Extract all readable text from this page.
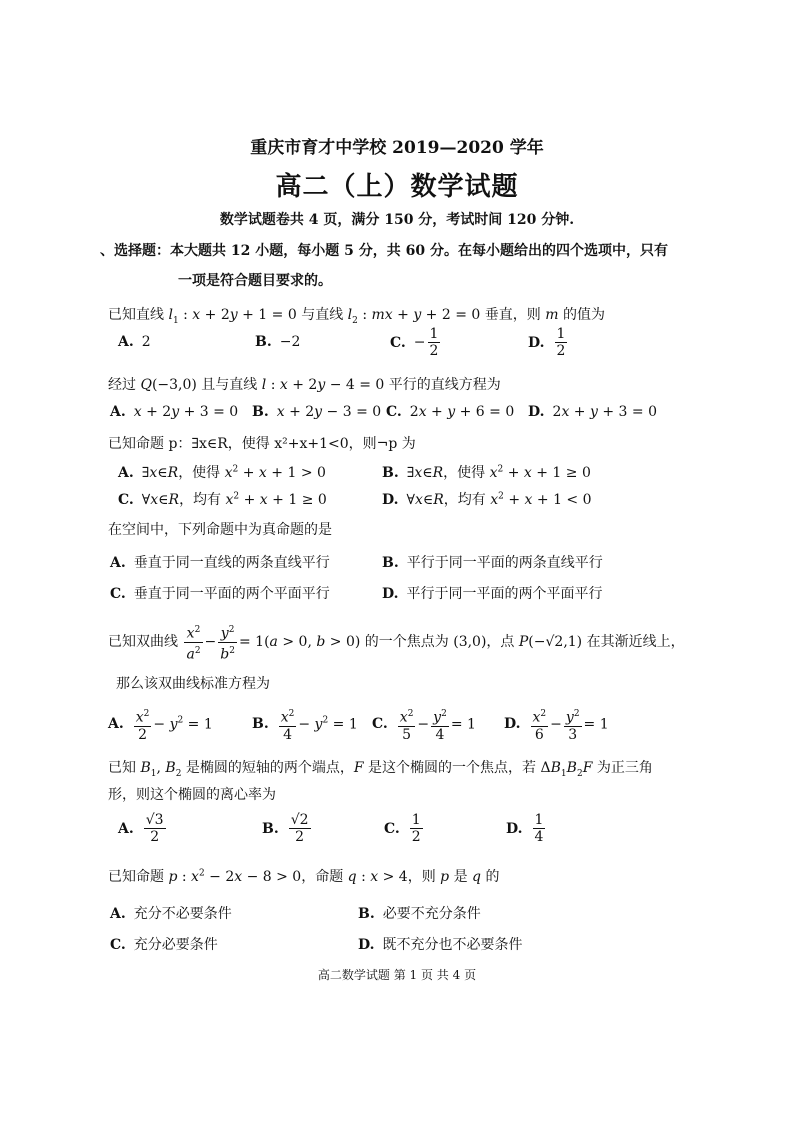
重庆市育才中学校 2019—2020 学年
高二（上）数学试题
数学试题卷共 4 页，满分 150 分，考试时间 120 分钟.
、选择题：本大题共 12 小题，每小题 5 分，共 60 分。在每小题给出的四个选项中，只有
一项是符合题目要求的。
已知直线 $l_1$ : x + 2y + 1 = 0 与直线 $l_2$ : mx + y + 2 = 0 垂直，则 m 的值为
A. 2	B. −2	C. − $\frac{1}{2}$	D. $\frac{1}{2}$
经过 Q(−3,0) 且与直线 l : x + 2y − 4 = 0 平行的直线方程为
A. x + 2y + 3 = 0 B. x + 2y − 3 = 0 C. 2x + y + 6 = 0 D. 2x + y + 3 = 0
已知命题 p：∃x∈R，使得 x²+x+1<0，则¬p 为
A. ∃x∈R，使得 $x^2 + x + 1 > 0$	B. ∃x∈R，使得 $x^2 + x + 1 \ge 0$
C. ∀x∈R，均有 $x^2 + x + 1 \ge 0$	D. ∀x∈R，均有 $x^2 + x + 1 < 0$
在空间中，下列命题中为真命题的是
A. 垂直于同一直线的两条直线平行	B. 平行于同一平面的两条直线平行
C. 垂直于同一平面的两个平面平行	D. 平行于同一平面的两个平面平行
已知双曲线 $\frac{x^2}{a^2} - \frac{y^2}{b^2} = 1(a > 0$, b > 0) 的一个焦点为 (3,0)，点 P(−√2,1) 在其渐近线上，
那么该双曲线标准方程为
A. $\frac{x^2}{2} - y^2 = 1$	B. $\frac{x^2}{4} - y^2 = 1$ C. $\frac{x^2}{5} - \frac{y^2}{4} = 1$ D. $\frac{x^2}{6} - \frac{y^2}{3} = 1$
已知 $B_1$, $B_2$ 是椭圆的短轴的两个端点，F 是这个椭圆的一个焦点，若 $\Delta B_1B_2F$ 为正三角
形，则这个椭圆的离心率为
A. $\frac{√3}{2}$	B. $\frac{√2}{2}$	C. $\frac{1}{2}$	D. $\frac{1}{4}$
已知命题 p : $x^2 - 2x - 8 > 0$，命题 q : x > 4，则 p 是 q 的
A. 充分不必要条件	B. 必要不充分条件
C. 充分必要条件	D. 既不充分也不必要条件
高二数学试题 第 1 页 共 4 页
